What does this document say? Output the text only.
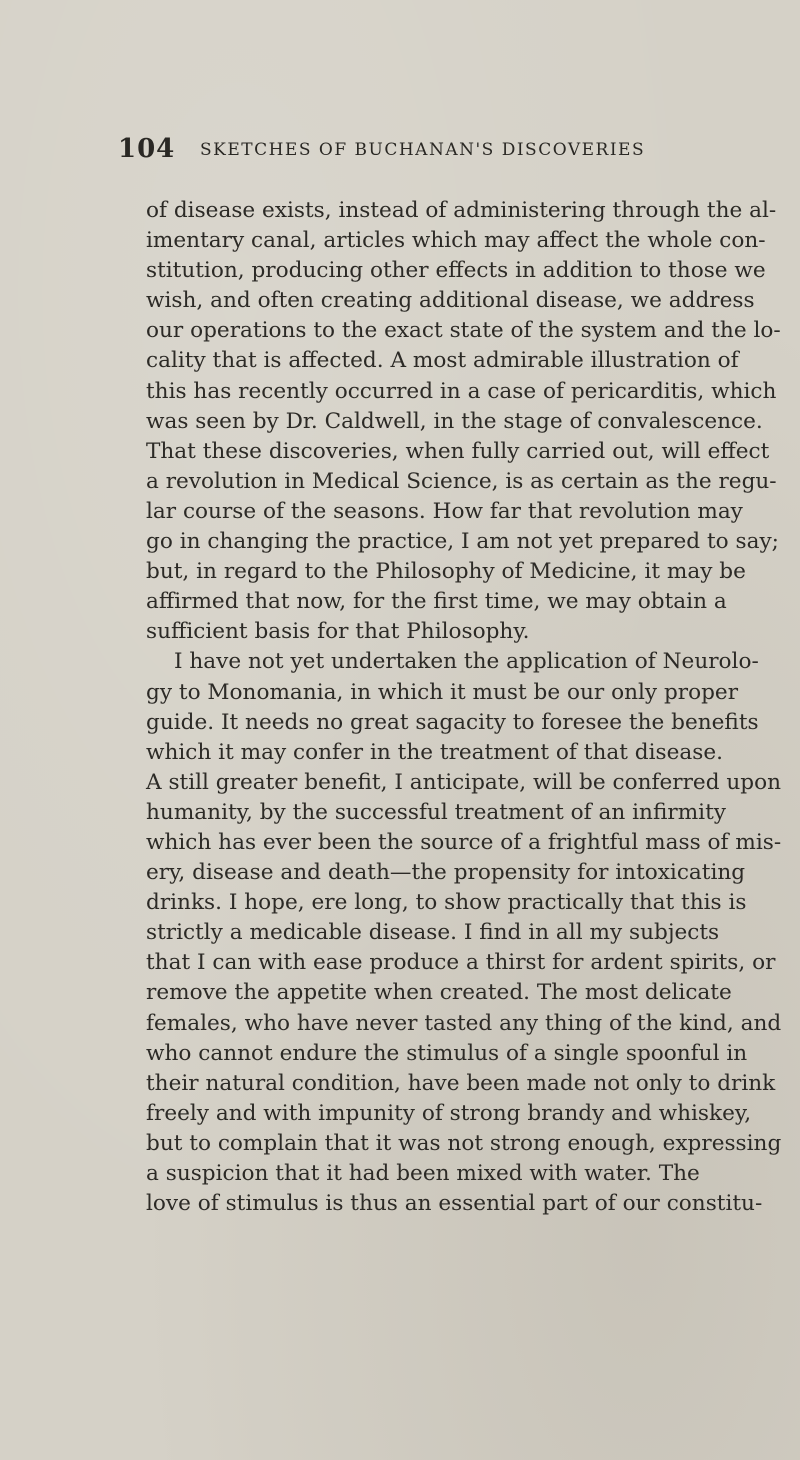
104 SKETCHES OF BUCHANAN'S DISCOVERIES
of disease exists, instead of administering through the al-
imentary canal, articles which may affect the whole con-
stitution, producing other effects in addition to those we
wish, and often creating additional disease, we address
our operations to the exact state of the system and the lo-
cality that is affected. A most admirable illustration of
this has recently occurred in a case of pericarditis, which
was seen by Dr. Caldwell, in the stage of convalescence.
That these discoveries, when fully carried out, will effect
a revolution in Medical Science, is as certain as the regu-
lar course of the seasons. How far that revolution may
go in changing the practice, I am not yet prepared to say;
but, in regard to the Philosophy of Medicine, it may be
affirmed that now, for the first time, we may obtain a
sufficient basis for that Philosophy.
I have not yet undertaken the application of Neurolo-
gy to Monomania, in which it must be our only proper
guide. It needs no great sagacity to foresee the benefits
which it may confer in the treatment of that disease.
A still greater benefit, I anticipate, will be conferred upon
humanity, by the successful treatment of an infirmity
which has ever been the source of a frightful mass of mis-
ery, disease and death—the propensity for intoxicating
drinks. I hope, ere long, to show practically that this is
strictly a medicable disease. I find in all my subjects
that I can with ease produce a thirst for ardent spirits, or
remove the appetite when created. The most delicate
females, who have never tasted any thing of the kind, and
who cannot endure the stimulus of a single spoonful in
their natural condition, have been made not only to drink
freely and with impunity of strong brandy and whiskey,
but to complain that it was not strong enough, expressing
a suspicion that it had been mixed with water. The
love of stimulus is thus an essential part of our constitu-
